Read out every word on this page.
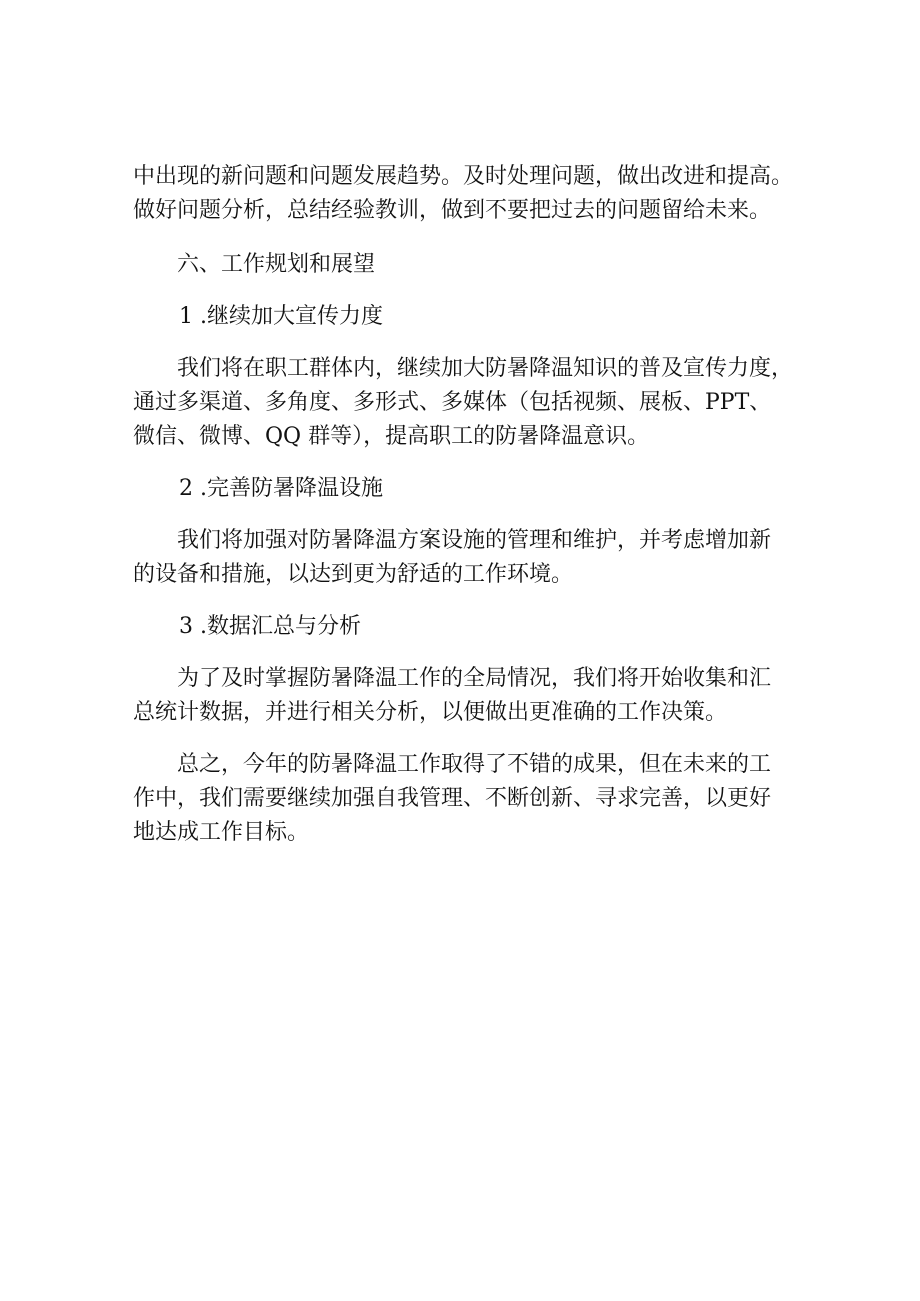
中出现的新问题和问题发展趋势。及时处理问题，做出改进和提高。
做好问题分析，总结经验教训，做到不要把过去的问题留给未来。
六、工作规划和展望
1 .继续加大宣传力度
我们将在职工群体内，继续加大防暑降温知识的普及宣传力度，
通过多渠道、多角度、多形式、多媒体（包括视频、展板、PPT、
微信、微博、QQ 群等），提高职工的防暑降温意识。
2 .完善防暑降温设施
我们将加强对防暑降温方案设施的管理和维护，并考虑增加新
的设备和措施，以达到更为舒适的工作环境。
3 .数据汇总与分析
为了及时掌握防暑降温工作的全局情况，我们将开始收集和汇
总统计数据，并进行相关分析，以便做出更准确的工作决策。
总之，今年的防暑降温工作取得了不错的成果，但在未来的工
作中，我们需要继续加强自我管理、不断创新、寻求完善，以更好
地达成工作目标。
